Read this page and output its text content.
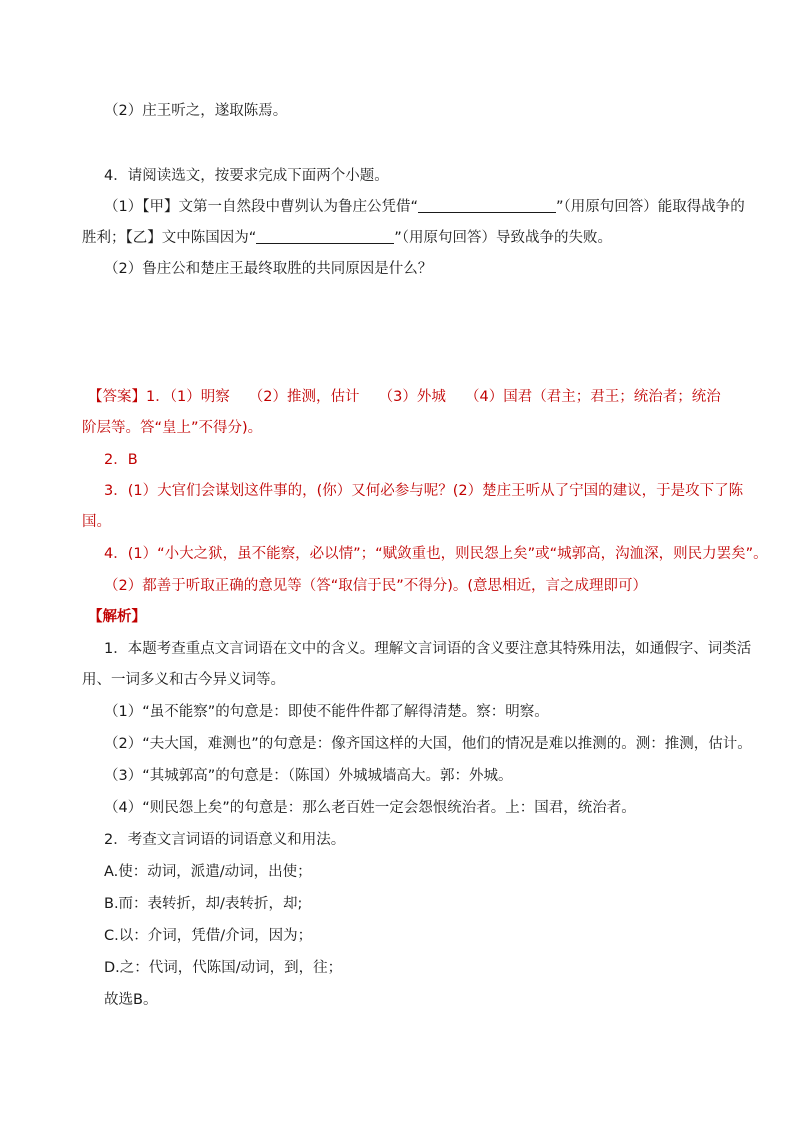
（2）庄王听之，遂取陈焉。
4．请阅读选文，按要求完成下面两个小题。
（1）【甲】文第一自然段中曹刿认为鲁庄公凭借“	”（用原句回答）能取得战争的
胜利；【乙】文中陈国因为“	”（用原句回答）导致战争的失败。
（2）鲁庄公和楚庄王最终取胜的共同原因是什么？
【答案】1．（1）明察　 （2）推测，估计　 （3）外城　 （4）国君（君主；君王；统治者；统治
阶层等。答“皇上”不得分)。
2．B
3．(1）大官们会谋划这件事的，(你）又何必参与呢？(2）楚庄王听从了宁国的建议，于是攻下了陈
国。
4．(1）“小大之狱，虽不能察，必以情”；“赋敛重也，则民怨上矣”或“城郭高，沟洫深，则民力罢矣”。
（2）都善于听取正确的意见等（答“取信于民”不得分)。(意思相近，言之成理即可）
【解析】
1．本题考查重点文言词语在文中的含义。理解文言词语的含义要注意其特殊用法，如通假字、词类活
用、一词多义和古今异义词等。
（1）“虽不能察”的句意是：即使不能件件都了解得清楚。察：明察。
（2）“夫大国，难测也”的句意是：像齐国这样的大国，他们的情况是难以推测的。测：推测，估计。
（3）“其城郭高”的句意是：（陈国）外城城墙高大。郭：外城。
（4）“则民怨上矣”的句意是：那么老百姓一定会怨恨统治者。上：国君，统治者。
2．考查文言词语的词语意义和用法。
A.使：动词，派遣/动词，出使；
B.而：表转折，却/表转折，却;
C.以：介词，凭借/介词，因为；
D.之：代词，代陈国/动词，到，往；
故选B。
